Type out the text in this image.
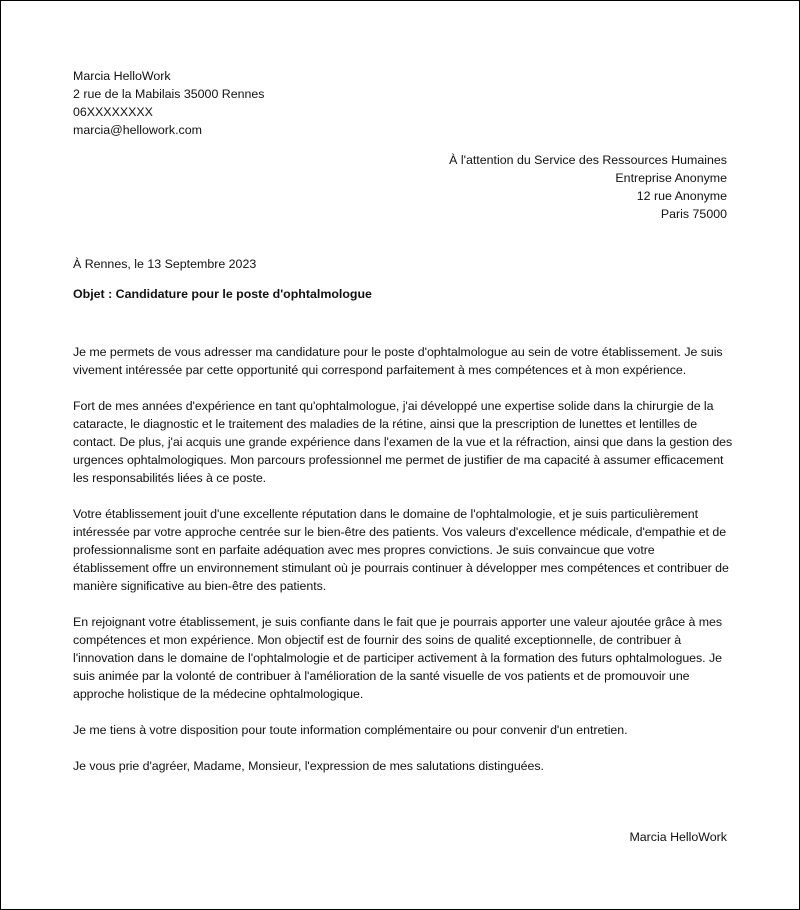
Marcia HelloWork
2 rue de la Mabilais 35000 Rennes
06XXXXXXXX
marcia@hellowork.com
À l'attention du Service des Ressources Humaines
Entreprise Anonyme
12 rue Anonyme
Paris 75000
À Rennes, le 13 Septembre 2023
Objet : Candidature pour le poste d'ophtalmologue

Je me permets de vous adresser ma candidature pour le poste d'ophtalmologue au sein de votre établissement. Je suis vivement intéressée par cette opportunité qui correspond parfaitement à mes compétences et à mon expérience.

Fort de mes années d'expérience en tant qu'ophtalmologue, j'ai développé une expertise solide dans la chirurgie de la cataracte, le diagnostic et le traitement des maladies de la rétine, ainsi que la prescription de lunettes et lentilles de contact. De plus, j'ai acquis une grande expérience dans l'examen de la vue et la réfraction, ainsi que dans la gestion des urgences ophtalmologiques. Mon parcours professionnel me permet de justifier de ma capacité à assumer efficacement les responsabilités liées à ce poste.

Votre établissement jouit d'une excellente réputation dans le domaine de l'ophtalmologie, et je suis particulièrement intéressée par votre approche centrée sur le bien-être des patients. Vos valeurs d'excellence médicale, d'empathie et de professionnalisme sont en parfaite adéquation avec mes propres convictions. Je suis convaincue que votre établissement offre un environnement stimulant où je pourrais continuer à développer mes compétences et contribuer de manière significative au bien-être des patients.

En rejoignant votre établissement, je suis confiante dans le fait que je pourrais apporter une valeur ajoutée grâce à mes compétences et mon expérience. Mon objectif est de fournir des soins de qualité exceptionnelle, de contribuer à l'innovation dans le domaine de l'ophtalmologie et de participer activement à la formation des futurs ophtalmologues. Je suis animée par la volonté de contribuer à l'amélioration de la santé visuelle de vos patients et de promouvoir une approche holistique de la médecine ophtalmologique.

Je me tiens à votre disposition pour toute information complémentaire ou pour convenir d'un entretien.

Je vous prie d'agréer, Madame, Monsieur, l'expression de mes salutations distinguées.

Marcia HelloWork
